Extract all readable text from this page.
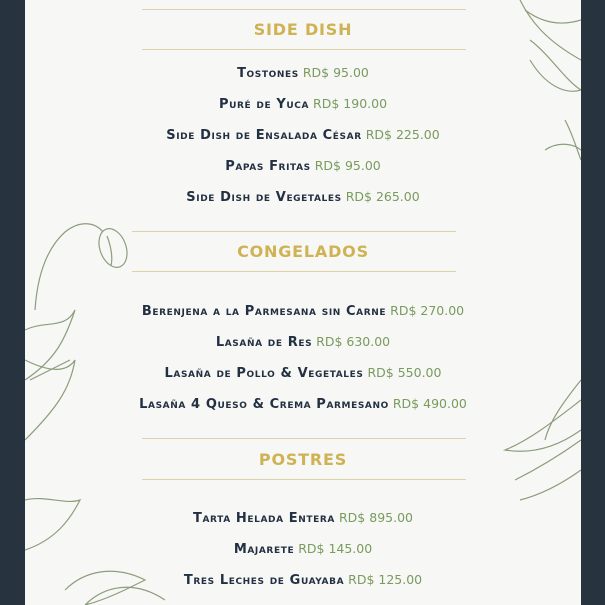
SIDE DISH
Tostones RD$ 95.00
Puré de Yuca RD$ 190.00
Side Dish de Ensalada César RD$ 225.00
Papas Fritas RD$ 95.00
Side Dish de Vegetales RD$ 265.00
CONGELADOS
Berenjena a la Parmesana sin Carne RD$ 270.00
Lasaña de Res RD$ 630.00
Lasaña de Pollo & Vegetales RD$ 550.00
Lasaña 4 Queso & Crema Parmesano RD$ 490.00
POSTRES
Tarta Helada Entera RD$ 895.00
Majarete RD$ 145.00
Tres Leches de Guayaba RD$ 125.00
